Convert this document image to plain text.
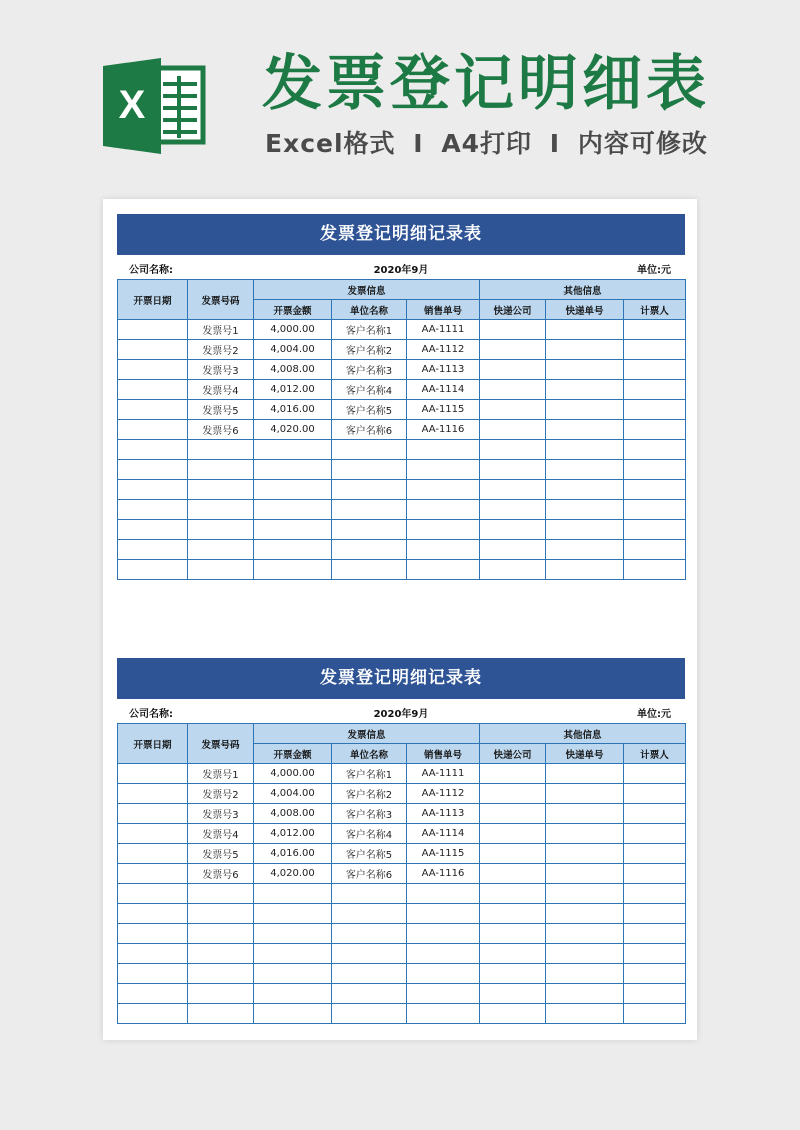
X 发票登记明细表
Excel格式 I A4打印 I 内容可修改
发票登记明细记录表
2020年9月
公司名称:	单位:元
开票日期	发票号码	发票信息			其他信息		
		开票金额	单位名称	销售单号	快递公司	快递单号	计票人
	发票号1	4,000.00	客户名称1	AA-1111			
	发票号2	4,004.00	客户名称2	AA-1112			
	发票号3	4,008.00	客户名称3	AA-1113			
	发票号4	4,012.00	客户名称4	AA-1114			
	发票号5	4,016.00	客户名称5	AA-1115			
	发票号6	4,020.00	客户名称6	AA-1116			

发票登记明细记录表
2020年9月
公司名称:	单位:元
开票日期	发票号码	发票信息			其他信息		
		开票金额	单位名称	销售单号	快递公司	快递单号	计票人
	发票号1	4,000.00	客户名称1	AA-1111			
	发票号2	4,004.00	客户名称2	AA-1112			
	发票号3	4,008.00	客户名称3	AA-1113			
	发票号4	4,012.00	客户名称4	AA-1114			
	发票号5	4,016.00	客户名称5	AA-1115			
	发票号6	4,020.00	客户名称6	AA-1116			
